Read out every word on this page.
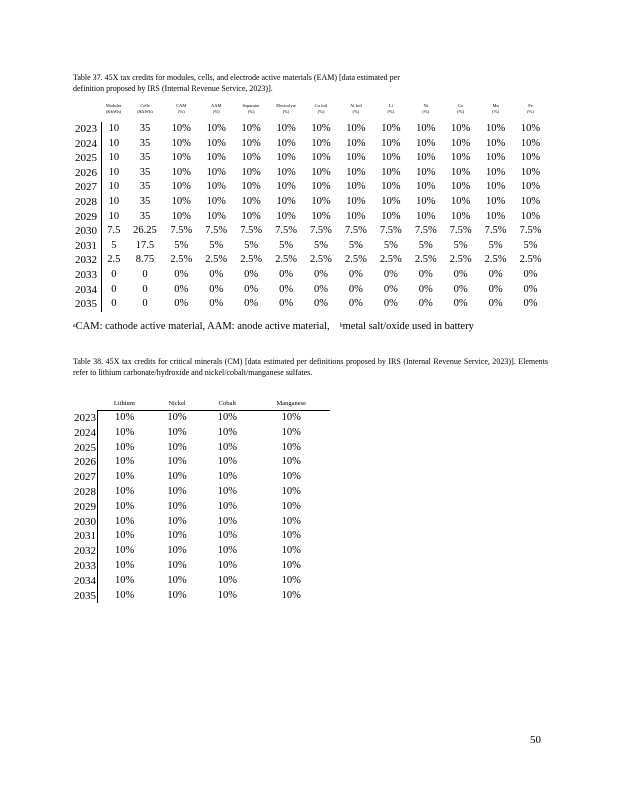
Table 37. 45X tax credits for modules, cells, and electrode active materials (EAM) [data estimated per
definition proposed by IRS (Internal Revenue Service, 2023)].

	Modules
($/kWh)	Cells
($/kWh)	CAM
(%)	AAM
(%)	Separator
(%)	Electrolyte
(%)	Cu foil
(%)	Al foil
(%)	Li
(%)	Ni
(%)	Co
(%)	Mn
(%)	Fe
(%)

2023	10	35	10%	10%	10%	10%	10%	10%	10%	10%	10%	10%	10%
2024	10	35	10%	10%	10%	10%	10%	10%	10%	10%	10%	10%	10%
2025	10	35	10%	10%	10%	10%	10%	10%	10%	10%	10%	10%	10%
2026	10	35	10%	10%	10%	10%	10%	10%	10%	10%	10%	10%	10%
2027	10	35	10%	10%	10%	10%	10%	10%	10%	10%	10%	10%	10%
2028	10	35	10%	10%	10%	10%	10%	10%	10%	10%	10%	10%	10%
2029	10	35	10%	10%	10%	10%	10%	10%	10%	10%	10%	10%	10%
2030	7.5	26.25	7.5%	7.5%	7.5%	7.5%	7.5%	7.5%	7.5%	7.5%	7.5%	7.5%	7.5%
2031	5	17.5	5%	5%	5%	5%	5%	5%	5%	5%	5%	5%	5%
2032	2.5	8.75	2.5%	2.5%	2.5%	2.5%	2.5%	2.5%	2.5%	2.5%	2.5%	2.5%	2.5%
2033	0	0	0%	0%	0%	0%	0%	0%	0%	0%	0%	0%	0%
2034	0	0	0%	0%	0%	0%	0%	0%	0%	0%	0%	0%	0%
2035	0	0	0%	0%	0%	0%	0%	0%	0%	0%	0%	0%	0%
$^a$CAM: cathode active material, AAM: anode active material, $^b$metal salt/oxide used in battery
Table 38. 45X tax credits for critical minerals (CM) [data estimated per definitions proposed by IRS (Internal Revenue Service, 2023)]. Elements refer to lithium carbonate/hydroxide and nickel/cobalt/manganese sulfates.
	Lithium	Nickel	Cobalt	Manganese
2023	10%	10%	10%	10%
2024	10%	10%	10%	10%
2025	10%	10%	10%	10%
2026	10%	10%	10%	10%
2027	10%	10%	10%	10%
2028	10%	10%	10%	10%
2029	10%	10%	10%	10%
2030	10%	10%	10%	10%
2031	10%	10%	10%	10%
2032	10%	10%	10%	10%
2033	10%	10%	10%	10%
2034	10%	10%	10%	10%
2035	10%	10%	10%	10%
50
